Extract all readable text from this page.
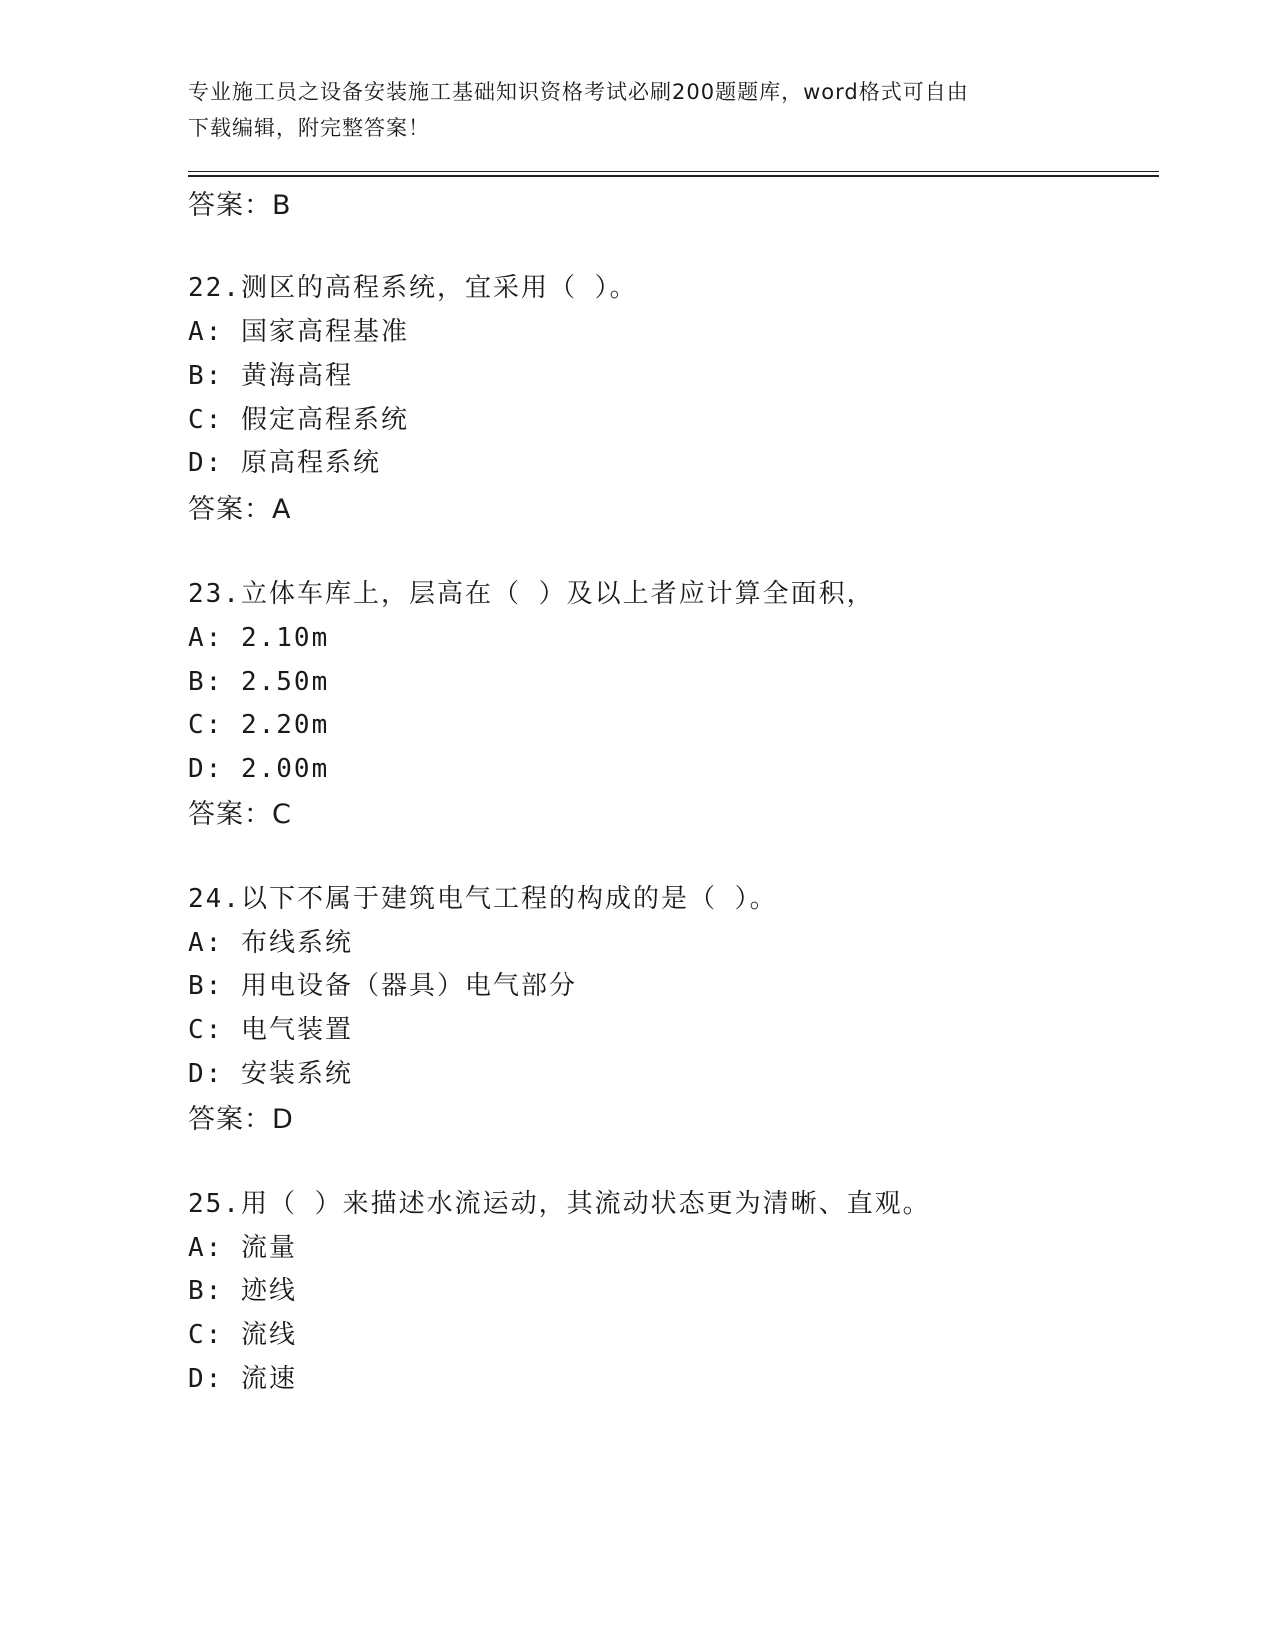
专业施工员之设备安装施工基础知识资格考试必刷200题题库，word格式可自由
下载编辑，附完整答案！
答案：B
22.测区的高程系统，宜采用（ ）。
A: 国家高程基准
B: 黄海高程
C: 假定高程系统
D: 原高程系统
答案：A
23.立体车库上，层高在（ ）及以上者应计算全面积，
A: 2.10m
B: 2.50m
C: 2.20m
D: 2.00m
答案：C
24.以下不属于建筑电气工程的构成的是（ ）。
A: 布线系统
B: 用电设备（器具）电气部分
C: 电气装置
D: 安装系统
答案：D
25.用（ ）来描述水流运动，其流动状态更为清晰、直观。
A: 流量
B: 迹线
C: 流线
D: 流速
